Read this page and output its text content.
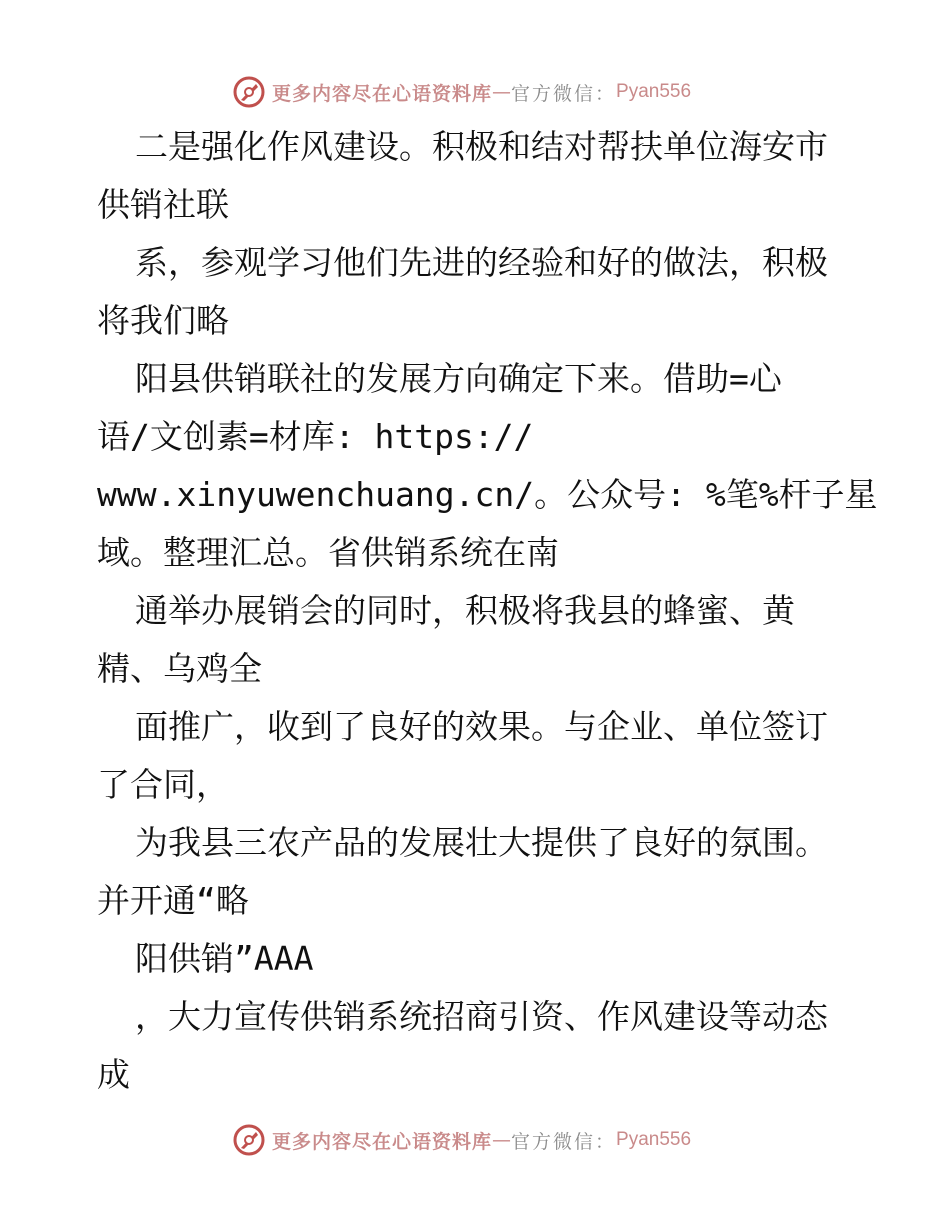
更多内容尽在心语资料库 — 官方微信： Pyan556
二是强化作风建设。积极和结对帮扶单位海安市
供销社联
系，参观学习他们先进的经验和好的做法，积极
将我们略
阳县供销联社的发展方向确定下来。借助=心
语/文创素=材库: https://
www.xinyuwenchuang.cn/。公众号: %笔%杆子星
域。整理汇总。省供销系统在南
通举办展销会的同时，积极将我县的蜂蜜、黄
精、乌鸡全
面推广，收到了良好的效果。与企业、单位签订
了合同，
为我县三农产品的发展壮大提供了良好的氛围。
并开通“略
阳供销”AAA
，大力宣传供销系统招商引资、作风建设等动态
成
更多内容尽在心语资料库 — 官方微信： Pyan556
